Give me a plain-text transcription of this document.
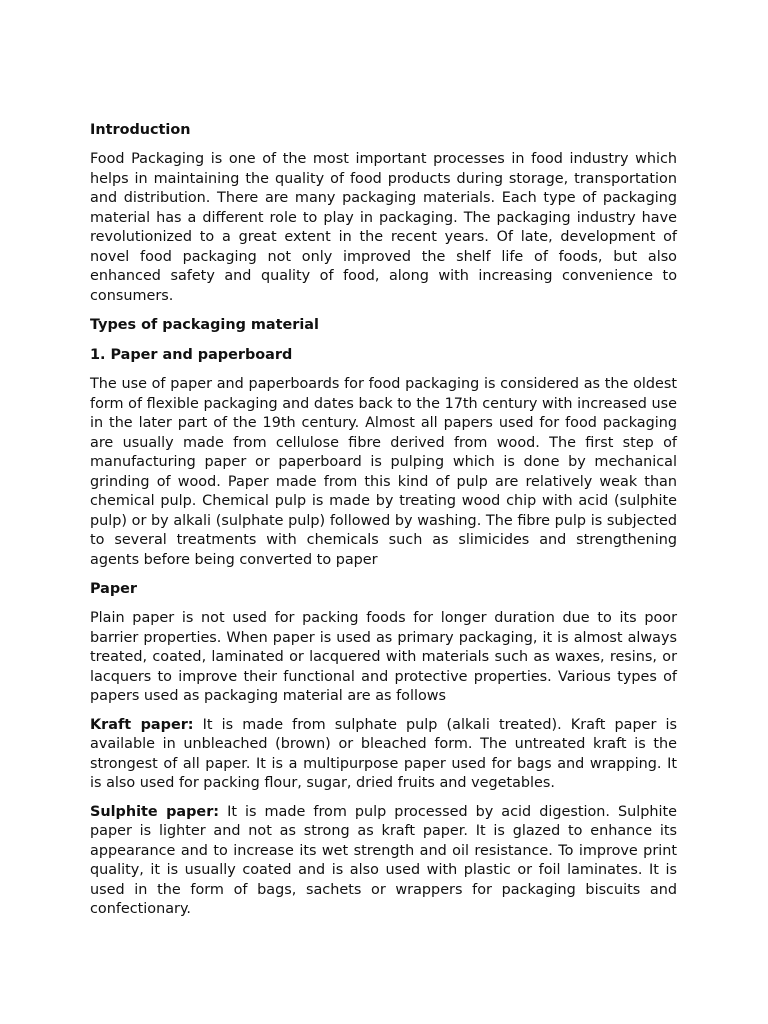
Introduction

Food Packaging is one of the most important processes in food industry which helps in maintaining the quality of food products during storage, transportation and distribution. There are many packaging materials. Each type of packaging material has a different role to play in packaging. The packaging industry have revolutionized to a great extent in the recent years. Of late, development of novel food packaging not only improved the shelf life of foods, but also enhanced safety and quality of food, along with increasing convenience to consumers.

Types of packaging material
1. Paper and paperboard

The use of paper and paperboards for food packaging is considered as the oldest form of flexible packaging and dates back to the 17th century with increased use in the later part of the 19th century. Almost all papers used for food packaging are usually made from cellulose fibre derived from wood. The first step of manufacturing paper or paperboard is pulping which is done by mechanical grinding of wood. Paper made from this kind of pulp are relatively weak than chemical pulp. Chemical pulp is made by treating wood chip with acid (sulphite pulp) or by alkali (sulphate pulp) followed by washing. The fibre pulp is subjected to several treatments with chemicals such as slimicides and strengthening agents before being converted to paper

Paper

Plain paper is not used for packing foods for longer duration due to its poor barrier properties. When paper is used as primary packaging, it is almost always treated, coated, laminated or lacquered with materials such as waxes, resins, or lacquers to improve their functional and protective properties. Various types of papers used as packaging material are as follows

Kraft paper: It is made from sulphate pulp (alkali treated). Kraft paper is available in unbleached (brown) or bleached form. The untreated kraft is the strongest of all paper. It is a multipurpose paper used for bags and wrapping. It is also used for packing flour, sugar, dried fruits and vegetables.

Sulphite paper: It is made from pulp processed by acid digestion. Sulphite paper is lighter and not as strong as kraft paper. It is glazed to enhance its appearance and to increase its wet strength and oil resistance. To improve print quality, it is usually coated and is also used with plastic or foil laminates. It is used in the form of bags, sachets or wrappers for packaging biscuits and confectionary.
